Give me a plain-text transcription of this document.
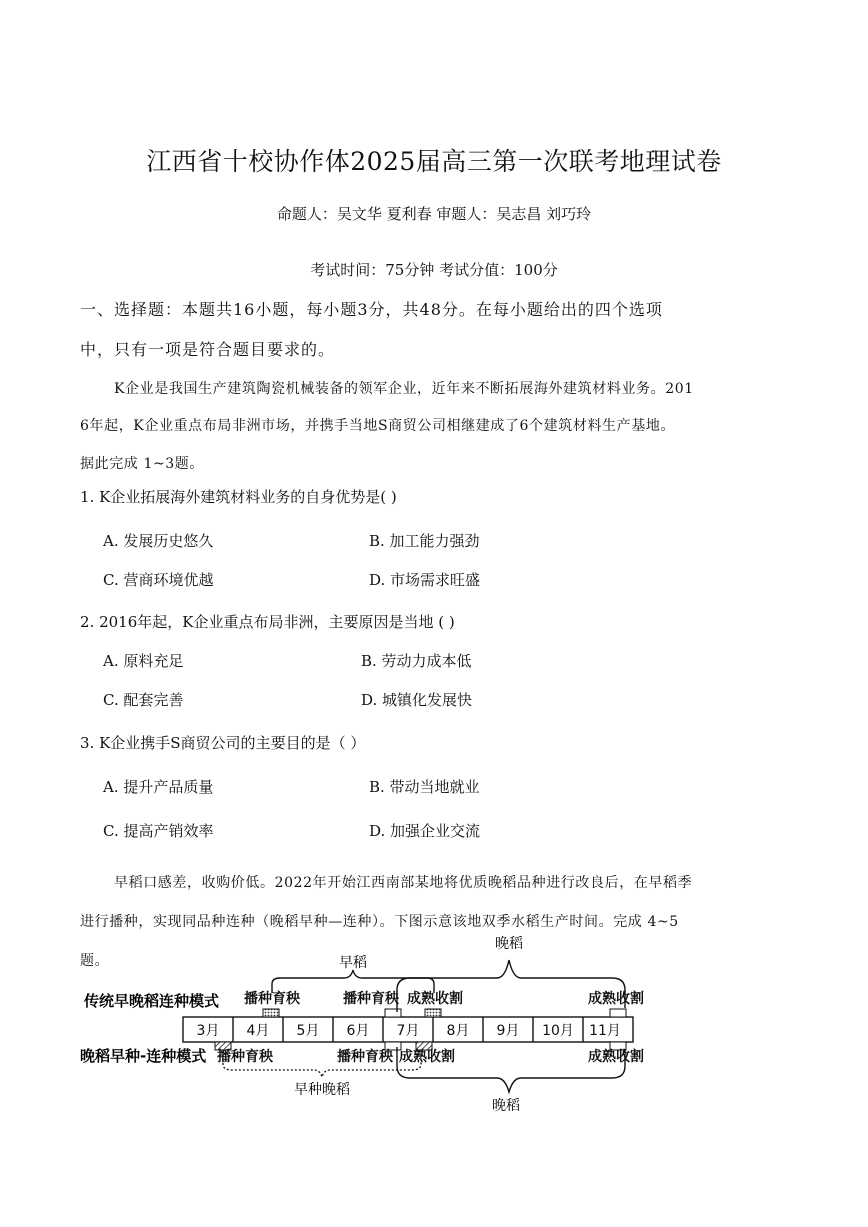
江西省十校协作体2025届高三第一次联考地理试卷
命题人：吴文华 夏利春 审题人：吴志昌 刘巧玲
考试时间：75分钟 考试分值：100分
一、选择题：本题共16小题，每小题3分，共48分。在每小题给出的四个选项
中，只有一项是符合题目要求的。
K企业是我国生产建筑陶瓷机械装备的领军企业，近年来不断拓展海外建筑材料业务。201
6年起，K企业重点布局非洲市场，并携手当地S商贸公司相继建成了6个建筑材料生产基地。
据此完成 1~3题。
1. K企业拓展海外建筑材料业务的自身优势是( )
A. 发展历史悠久	B. 加工能力强劲
C. 营商环境优越	D. 市场需求旺盛
2. 2016年起，K企业重点布局非洲，主要原因是当地 ( )
A. 原料充足	B. 劳动力成本低
C. 配套完善	D. 城镇化发展快
3. K企业携手S商贸公司的主要目的是（ ）
A. 提升产品质量	B. 带动当地就业
C. 提高产销效率	D. 加强企业交流
早稻口感差，收购价低。2022年开始江西南部某地将优质晚稻品种进行改良后，在早稻季
进行播种，实现同品种连种（晚稻早种—连种）。下图示意该地双季水稻生产时间。完成 4~5
题。
3月 4月 5月 6月 7月 8月 9月 10月 11月
传统早晚稻连种模式
晚稻早种-连种模式
播种育秧	播种育秧 成熟收割	成熟收割
播种育秧	播种育秧 成熟收割	成熟收割
早稻
晚稻
早种晚稻
晚稻
